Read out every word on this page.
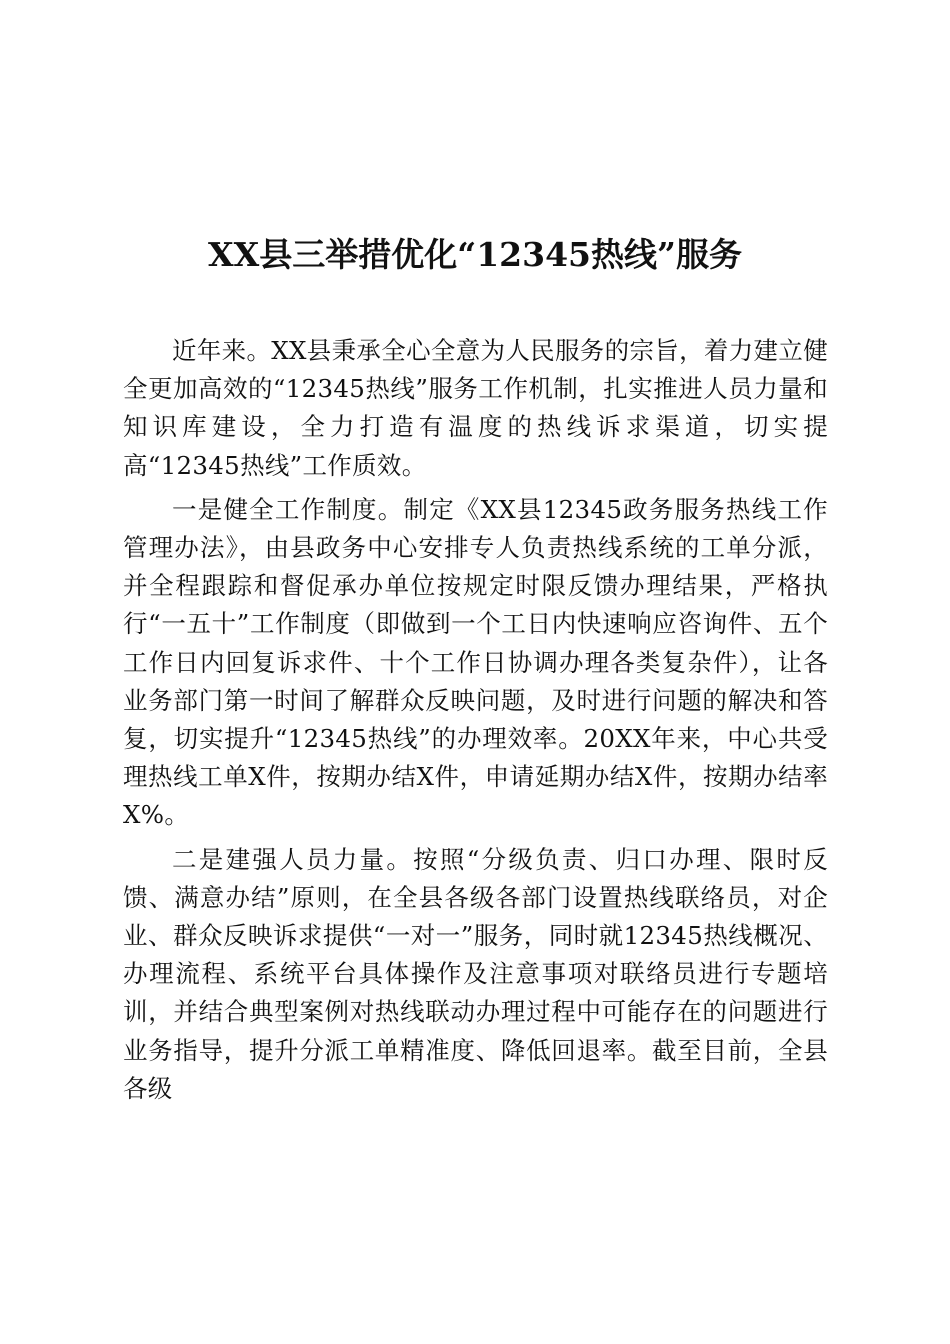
XX县三举措优化“12345热线”服务

近年来。XX县秉承全心全意为人民服务的宗旨，着力建立健全更加高效的“12345热线”服务工作机制，扎实推进人员力量和知识库建设，全力打造有温度的热线诉求渠道，切实提高“12345热线”工作质效。

一是健全工作制度。制定《XX县12345政务服务热线工作管理办法》，由县政务中心安排专人负责热线系统的工单分派，并全程跟踪和督促承办单位按规定时限反馈办理结果，严格执行“一五十”工作制度（即做到一个工日内快速响应咨询件、五个工作日内回复诉求件、十个工作日协调办理各类复杂件），让各业务部门第一时间了解群众反映问题，及时进行问题的解决和答复，切实提升“12345热线”的办理效率。20XX年来，中心共受理热线工单X件，按期办结X件，申请延期办结X件，按期办结率X%。

二是建强人员力量。按照“分级负责、归口办理、限时反馈、满意办结”原则，在全县各级各部门设置热线联络员，对企业、群众反映诉求提供“一对一”服务，同时就12345热线概况、办理流程、系统平台具体操作及注意事项对联络员进行专题培训，并结合典型案例对热线联动办理过程中可能存在的问题进行业务指导，提升分派工单精准度、降低回退率。截至目前，全县各级
